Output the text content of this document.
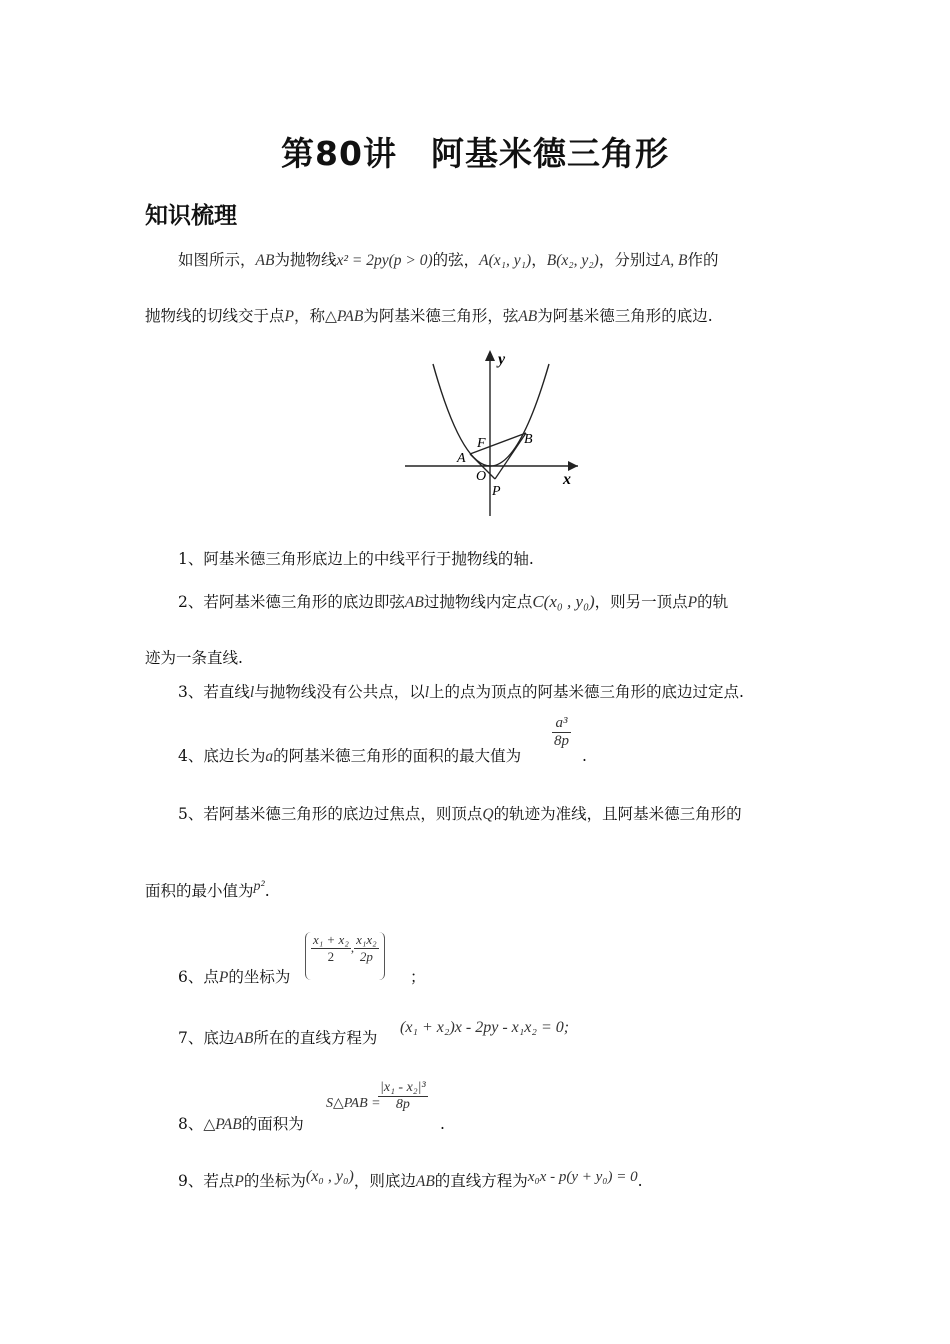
第80讲　阿基米德三角形
知识梳理
如图所示，AB为抛物线x² = 2py(p > 0)的弦，A(x₁, y₁)，B(x₂, y₂)，分别过A, B作的
抛物线的切线交于点P，称△PAB为阿基米德三角形，弦AB为阿基米德三角形的底边.
y
x
A
B
F
O
P
1、阿基米德三角形底边上的中线平行于抛物线的轴.
2、若阿基米德三角形的底边即弦AB过抛物线内定点C(x₀ , y₀)，则另一顶点P的轨
迹为一条直线.
3、若直线l与抛物线没有公共点，以l上的点为顶点的阿基米德三角形的底边过定点.
4、底边长为a的阿基米德三角形的面积的最大值为
$\frac{\text{a³}}{8p}$
.
5、若阿基米德三角形的底边过焦点，则顶点Q的轨迹为准线，且阿基米德三角形的
面积的最小值为p².
6、点P的坐标为
$\frac{\text{x₁ + x₂}}{2}$ , $\frac{\text{x₁x₂}}{2p}$
；
7、底边AB所在的直线方程为
(x₁ + x₂)x - 2py - x₁x₂ = 0;
8、△PAB的面积为
S△PAB =
$\frac{\text{|x₁ - x₂|³}}{8p}$
.
9、若点P的坐标为(x₀ , y₀)，则底边AB的直线方程为x₀x - p(y + y₀) = 0.
